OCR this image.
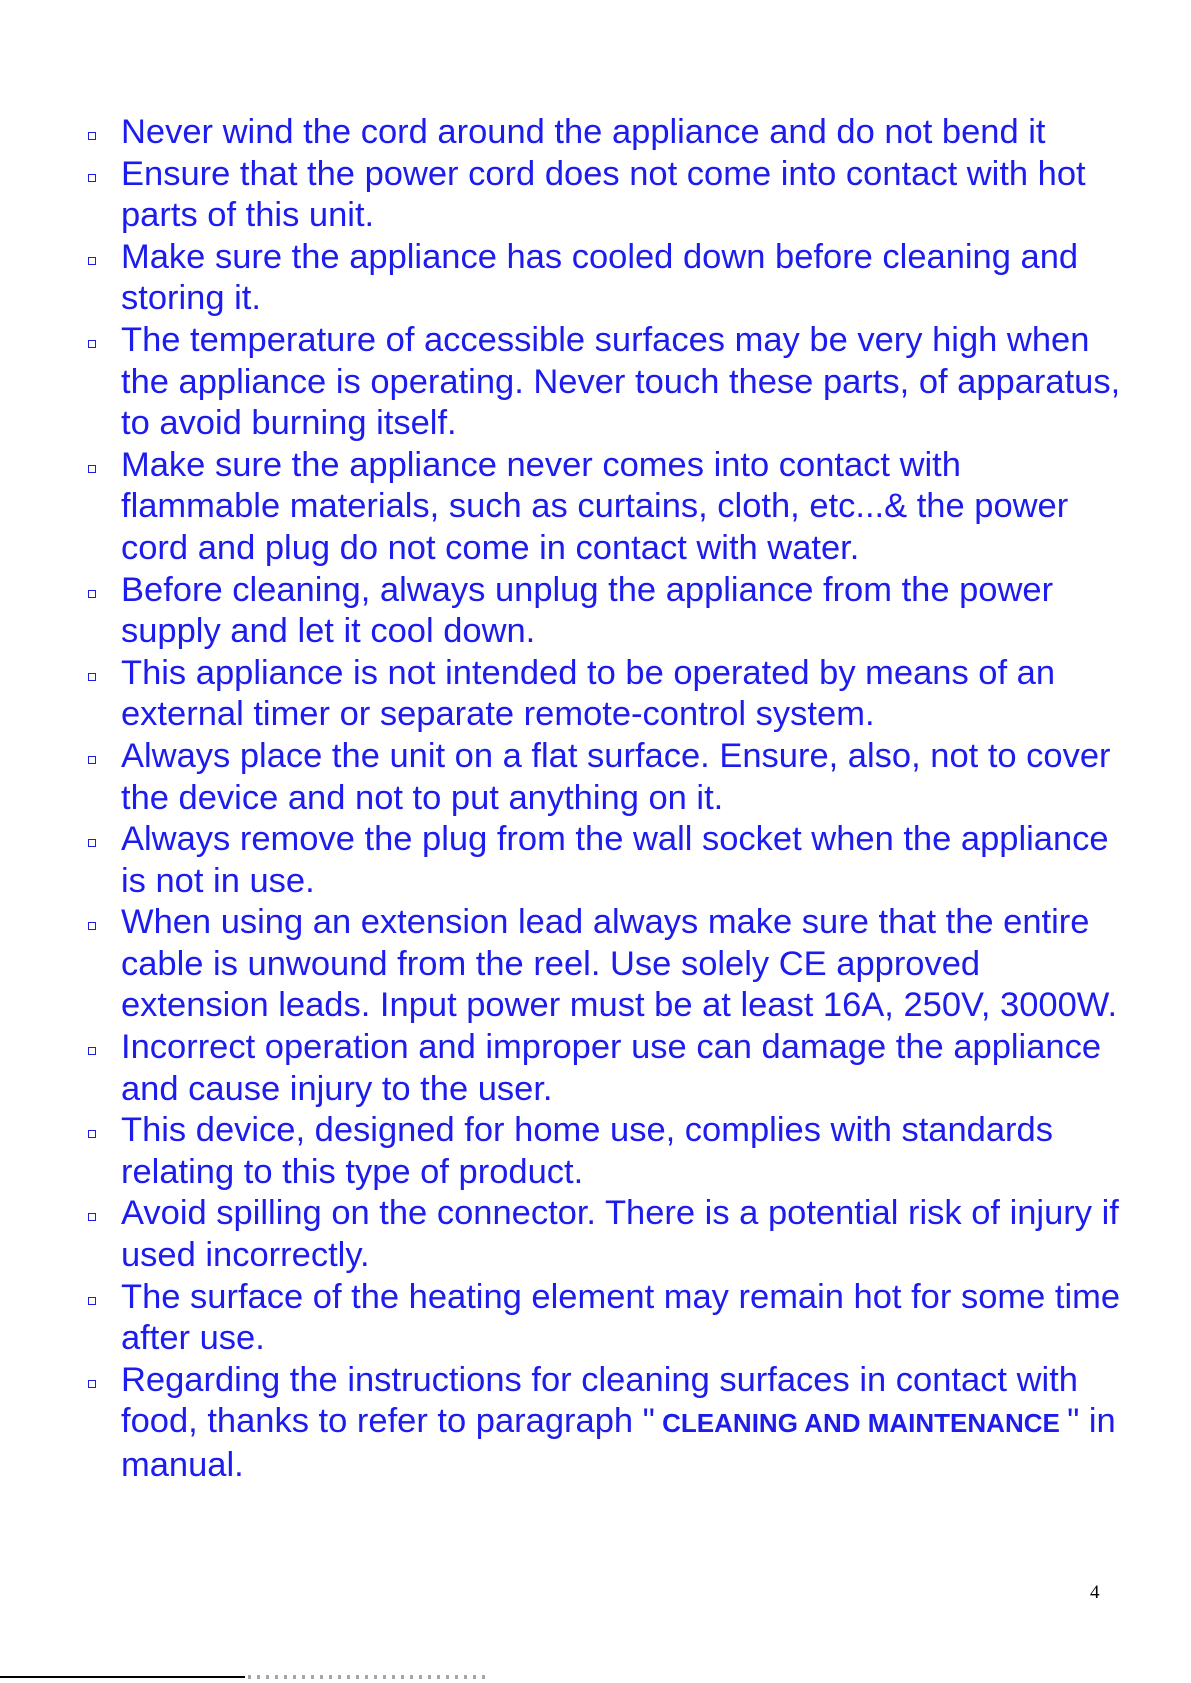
Never wind the cord around the appliance and do not bend it
Ensure that the power cord does not come into contact with hot parts of this unit.
Make sure the appliance has cooled down before cleaning and storing it.
The temperature of accessible surfaces may be very high when the appliance is operating. Never touch these parts, of apparatus, to avoid burning itself.
Make sure the appliance never comes into contact with flammable materials, such as curtains, cloth, etc...& the power cord and plug do not come in contact with water.
Before cleaning, always unplug the appliance from the power supply and let it cool down.
This appliance is not intended to be operated by means of an external timer or separate remote-control system.
Always place the unit on a flat surface. Ensure, also, not to cover the device and not to put anything on it.
Always remove the plug from the wall socket when the appliance is not in use.
When using an extension lead always make sure that the entire cable is unwound from the reel. Use solely CE approved extension leads. Input power must be at least 16A, 250V, 3000W.
Incorrect operation and improper use can damage the appliance and cause injury to the user.
This device, designed for home use, complies with standards relating to this type of product.
Avoid spilling on the connector. There is a potential risk of injury if used incorrectly.
The surface of the heating element may remain hot for some time after use.
Regarding the instructions for cleaning surfaces in contact with food, thanks to refer to paragraph " CLEANING AND MAINTENANCE " in manual.
4
